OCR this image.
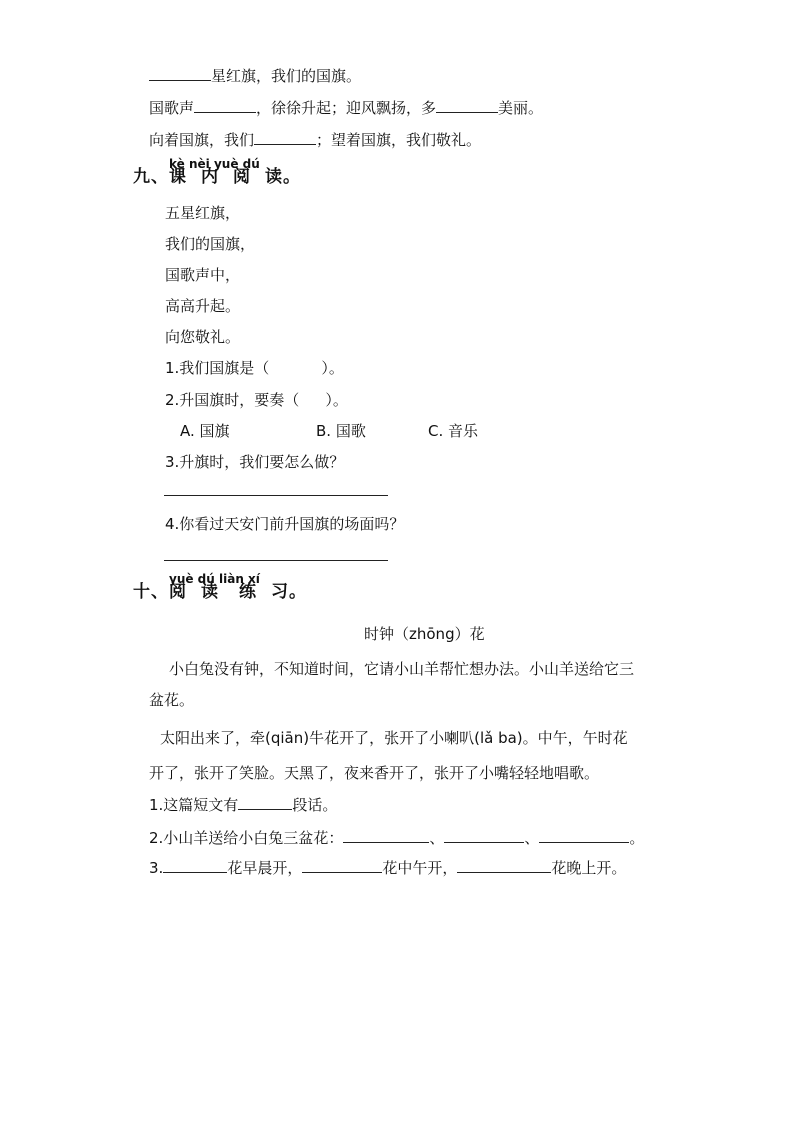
星红旗，我们的国旗。
国歌声	，徐徐升起；迎风飘扬，多	美丽。
向着国旗，我们	；望着国旗，我们敬礼。
九、
kè nèi yuè dú
课 内 阅 读。
五星红旗，
我们的国旗，
国歌声中，
高高升起。
向您敬礼。
1.我们国旗是（	）。
2.升国旗时，要奏（ ）。
A. 国旗	B. 国歌	C. 音乐
3.升旗时，我们要怎么做？
4.你看过天安门前升国旗的场面吗？
十、
yuè dú liàn xí
阅 读 练 习。
时钟（zhōng）花
小白兔没有钟，不知道时间，它请小山羊帮忙想办法。小山羊送给它三
盆花。
太阳出来了，牵(qiān)牛花开了，张开了小喇叭(lǎ ba)。中午，午时花
开了，张开了笑脸。天黑了，夜来香开了，张开了小嘴轻轻地唱歌。
1.这篇短文有	段话。
2.小山羊送给小白兔三盆花：	、	、	。
3.	花早晨开，	花中午开，	花晚上开。
